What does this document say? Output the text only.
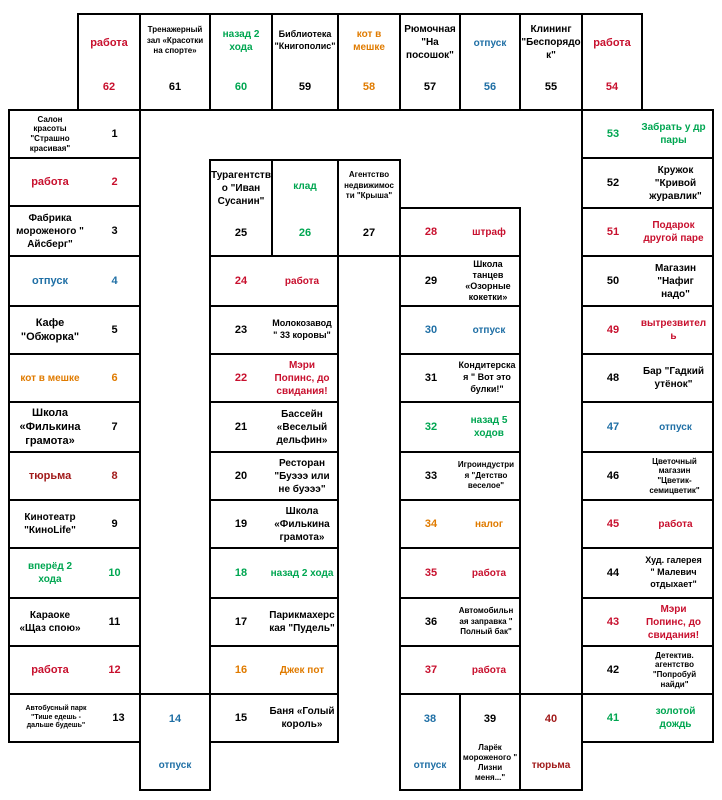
работа
62
Тренажерный
зал «Красотки
на спорте»
61
назад 2
хода
60
Библиотека
"Книгополис"
59
кот в
мешке
58
Рюмочная
"На
посошок"
57
отпуск
56
Клининг
"Беспорядо
к"
55
работа
54
Салон
красоты
"Страшно
красивая"
1
работа	2
Фабрика
мороженого "
Айсберг"
3
отпуск	4
Кафе
"Обжорка"
5
кот в мешке	6
Школа
«Филькина
грамота»
7
тюрьма	8
Кинотеатр
"КиноLife"
9
вперёд 2
хода
10
Караоке
«Щаз спою»
11
работа	12
Автобусный парк
"Тише едешь -
дальше будешь"
13	14
отпуск
15
Баня «Голый
король»
16	Джек пот
17
Парикмахерс
кая "Пудель"
18	назад 2 хода
19
Школа
«Филькина
грамота»
20
Ресторан
"Буэээ или
не буэээ"
21
Бассейн
«Веселый
дельфин»
22
Мэри
Попинс, до
свидания!
23
Молокозавод
" 33 коровы"
24	работа
Турагентств
о "Иван
Сусанин"
25
клад
26
Агентство
недвижимос
ти "Крыша"
27	28	штраф
29
Школа
танцев
«Озорные
кокетки»
30	отпуск
31
Кондитерска
я " Вот это
булки!"
32
назад 5
ходов
33
Игроиндустри
я "Детство
веселое"
34	налог
35	работа
36
Автомобильн
ая заправка "
Полный бак"
37	работа
38
отпуск
39
Ларёк
мороженого "
Лизни
меня..."
40
тюрьма
41
золотой
дождь
42
Детектив.
агентство
"Попробуй
найди"
43
Мэри
Попинс, до
свидания!
44
Худ. галерея
" Малевич
отдыхает"
45	работа
46
Цветочный
магазин
"Цветик-
семицветик"
47	отпуск
48
Бар "Гадкий
утёнок"
49
вытрезвител
ь
50
Магазин
"Нафиг
надо"
51
Подарок
другой паре
52
Кружок
"Кривой
журавлик"
53
Забрать у др
пары
